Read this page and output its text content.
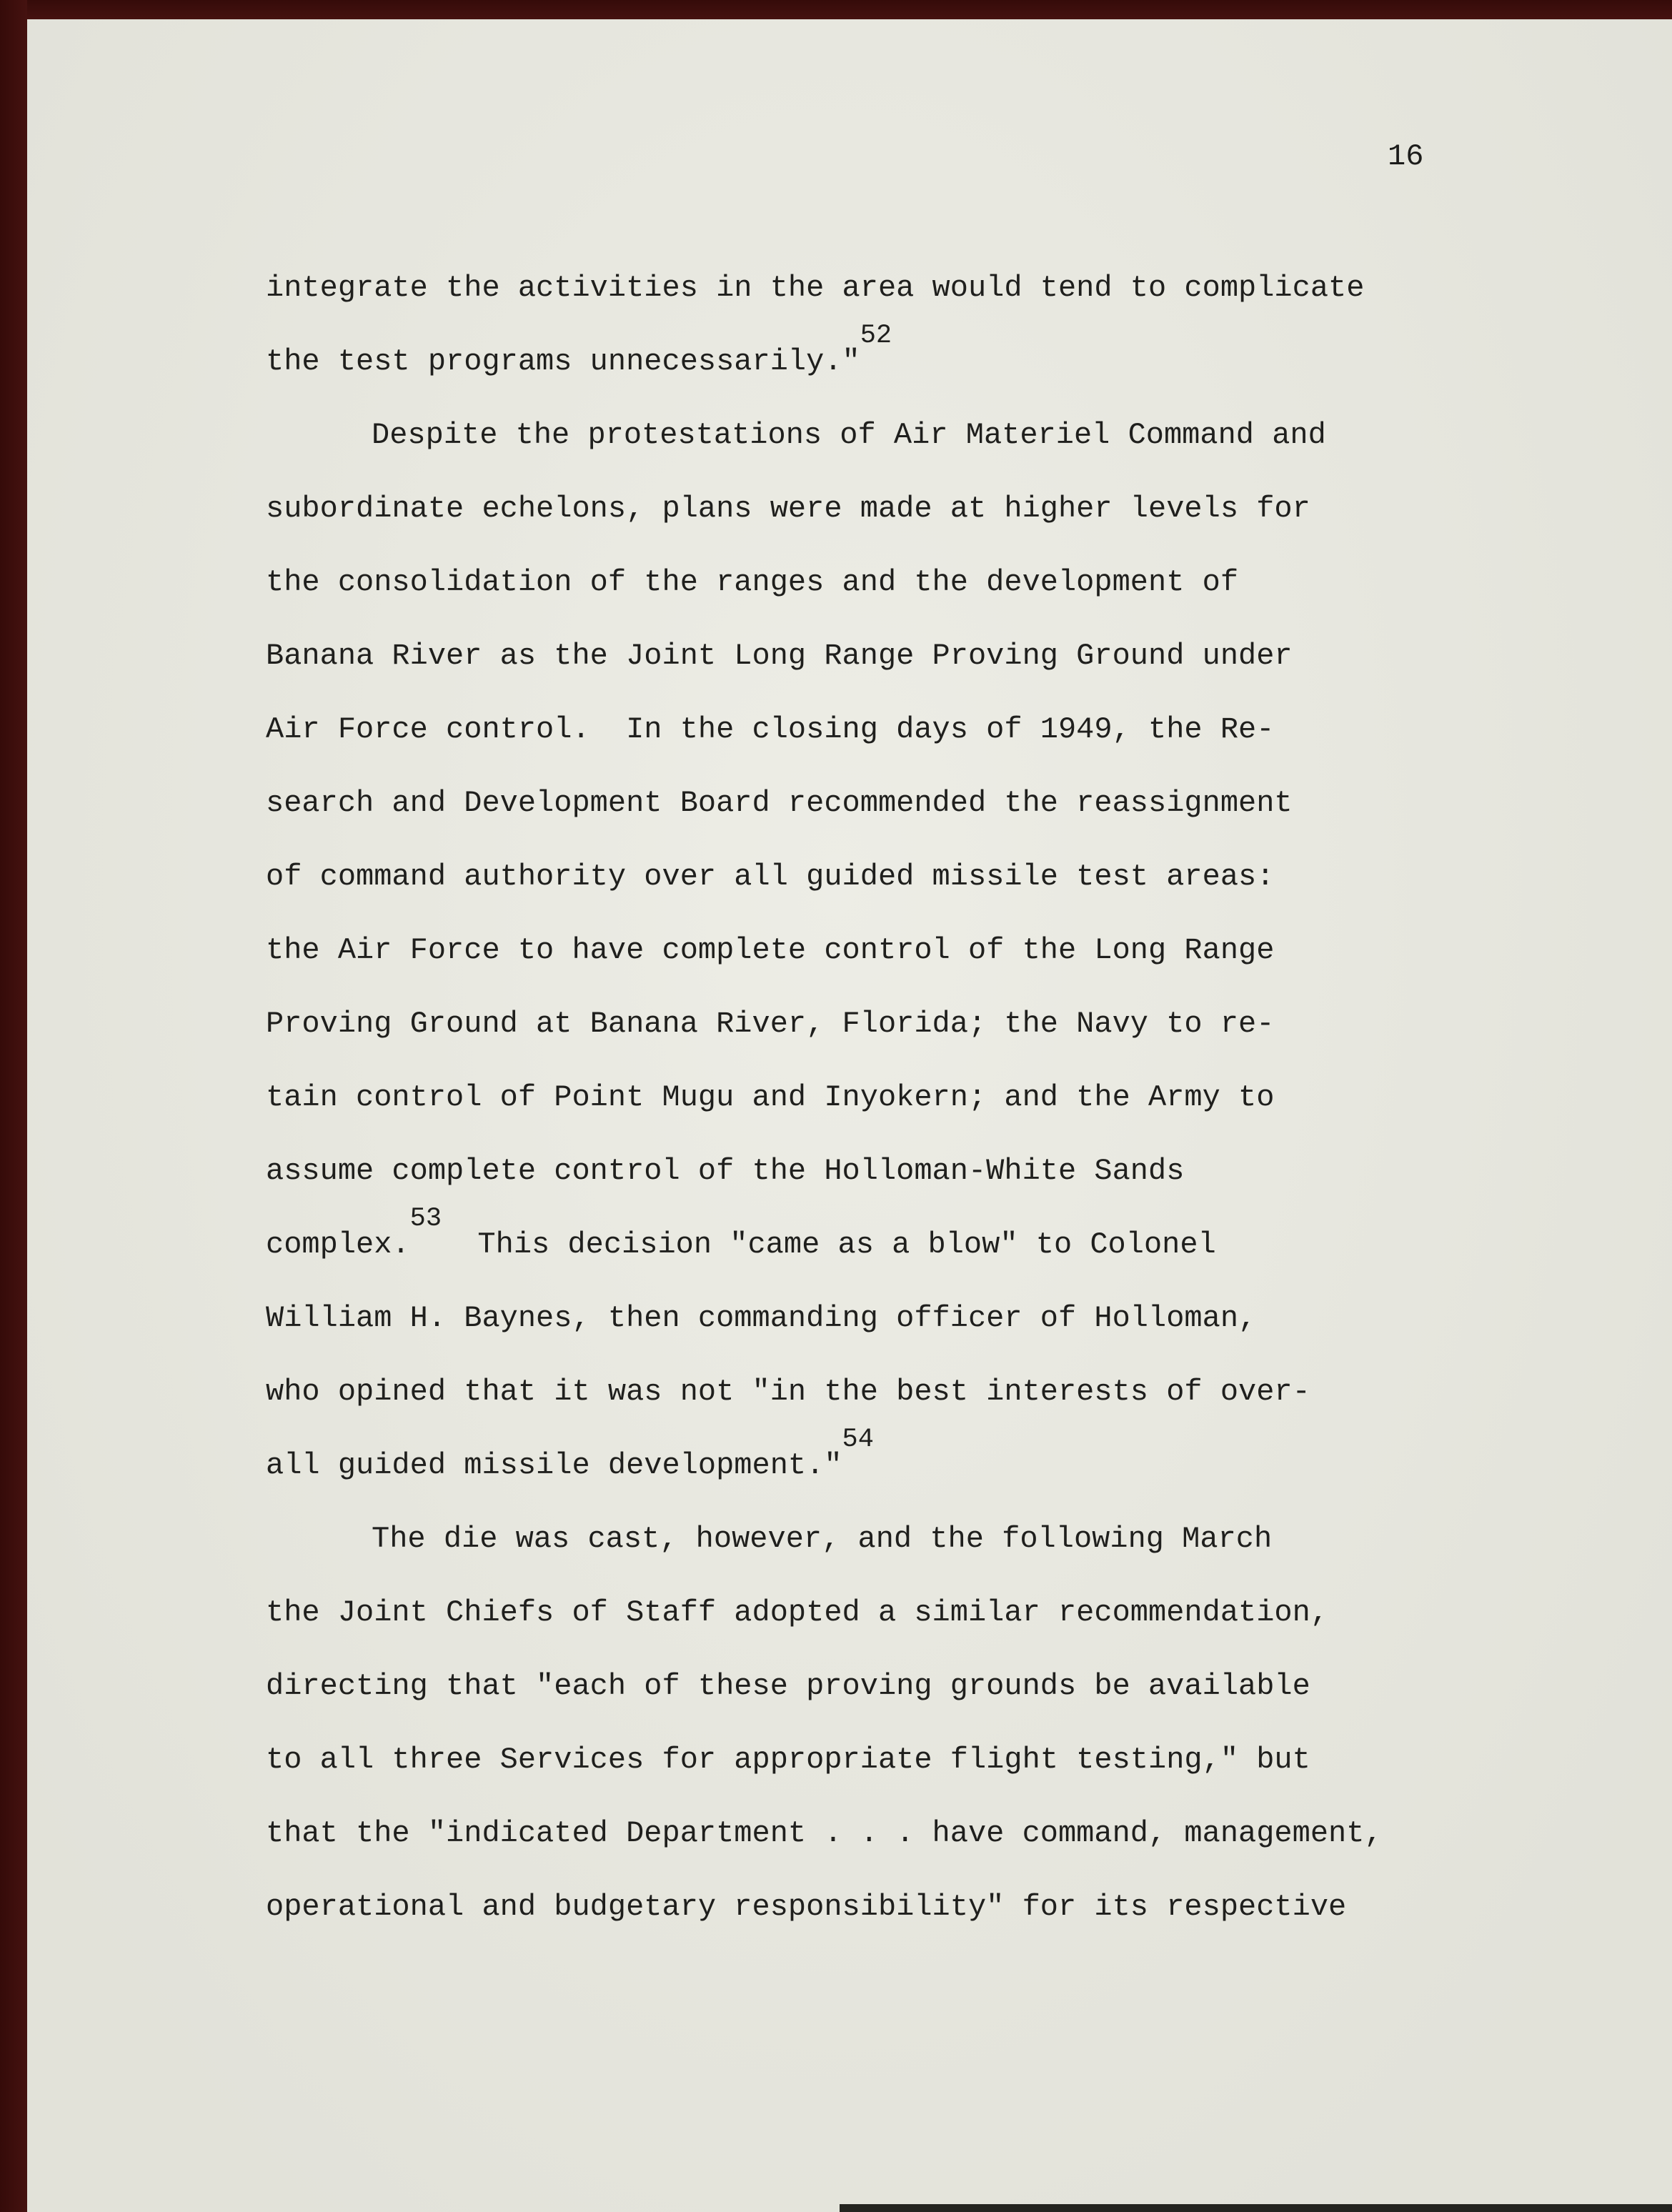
16
integrate the activities in the area would tend to complicate
the test programs unnecessarily."$^{52}$
Despite the protestations of Air Materiel Command and
subordinate echelons, plans were made at higher levels for
the consolidation of the ranges and the development of
Banana River as the Joint Long Range Proving Ground under
Air Force control.  In the closing days of 1949, the Re-
search and Development Board recommended the reassignment
of command authority over all guided missile test areas:
the Air Force to have complete control of the Long Range
Proving Ground at Banana River, Florida; the Navy to re-
tain control of Point Mugu and Inyokern; and the Army to
assume complete control of the Holloman-White Sands
complex.$^{53}$  This decision "came as a blow" to Colonel
William H. Baynes, then commanding officer of Holloman,
who opined that it was not "in the best interests of over-
all guided missile development."$^{54}$
The die was cast, however, and the following March
the Joint Chiefs of Staff adopted a similar recommendation,
directing that "each of these proving grounds be available
to all three Services for appropriate flight testing," but
that the "indicated Department . . . have command, management,
operational and budgetary responsibility" for its respective
